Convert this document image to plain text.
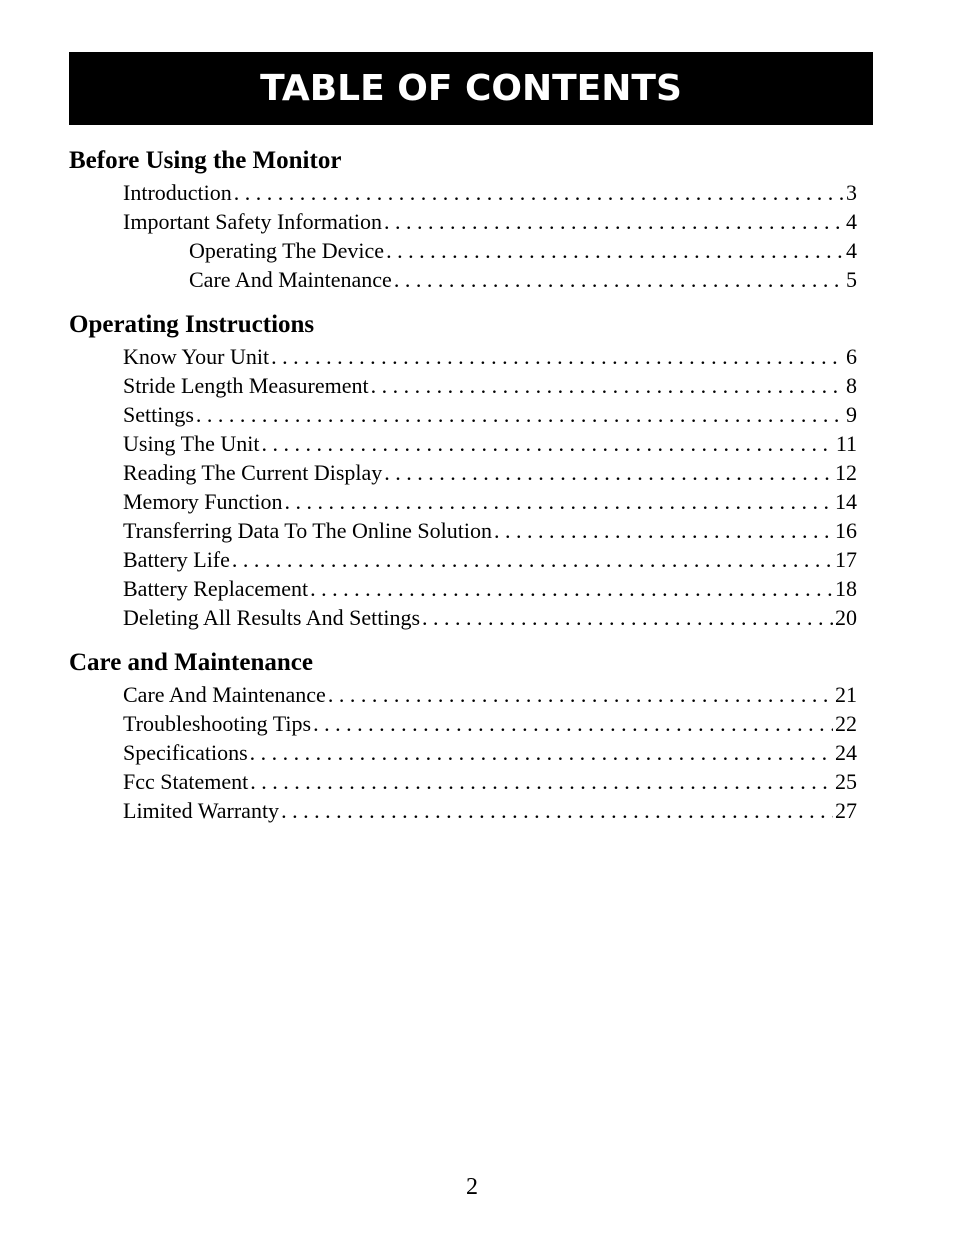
TABLE OF CONTENTS
Before Using the Monitor
Introduction . . .	3
Important Safety Information . . .	4
Operating The Device . . .	4
Care And Maintenance . . .	5
Operating Instructions
Know Your Unit . . .	6
Stride Length Measurement . . .	8
Settings . . .	9
Using The Unit . . .	11
Reading The Current Display . . .	12
Memory Function . . .	14
Transferring Data To The Online Solution . . .	16
Battery Life . . .	17
Battery Replacement . . .	18
Deleting All Results And Settings . . .	20
Care and Maintenance
Care And Maintenance . . .	21
Troubleshooting Tips . . .	22
Specifications . . .	24
Fcc Statement . . .	25
Limited Warranty . . .	27
2
